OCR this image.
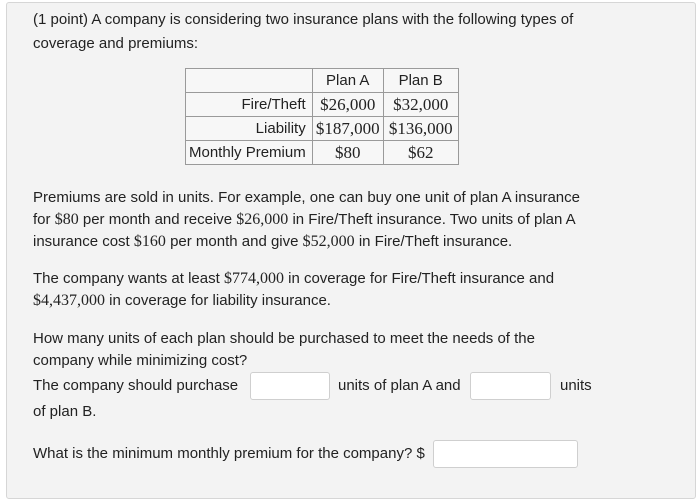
(1 point) A company is considering two insurance plans with the following types of
coverage and premiums:
	Plan A	Plan B
Fire/Theft	$26,000	$32,000
Liability	$187,000	$136,000
Monthly Premium	$80	$62
Premiums are sold in units. For example, one can buy one unit of plan A insurance
for $80 per month and receive $26,000 in Fire/Theft insurance. Two units of plan A
insurance cost $160 per month and give $52,000 in Fire/Theft insurance.
The company wants at least $774,000 in coverage for Fire/Theft insurance and
$4,437,000 in coverage for liability insurance.
How many units of each plan should be purchased to meet the needs of the
company while minimizing cost?
The company should purchase	units of plan A and	units
of plan B.
What is the minimum monthly premium for the company? $
